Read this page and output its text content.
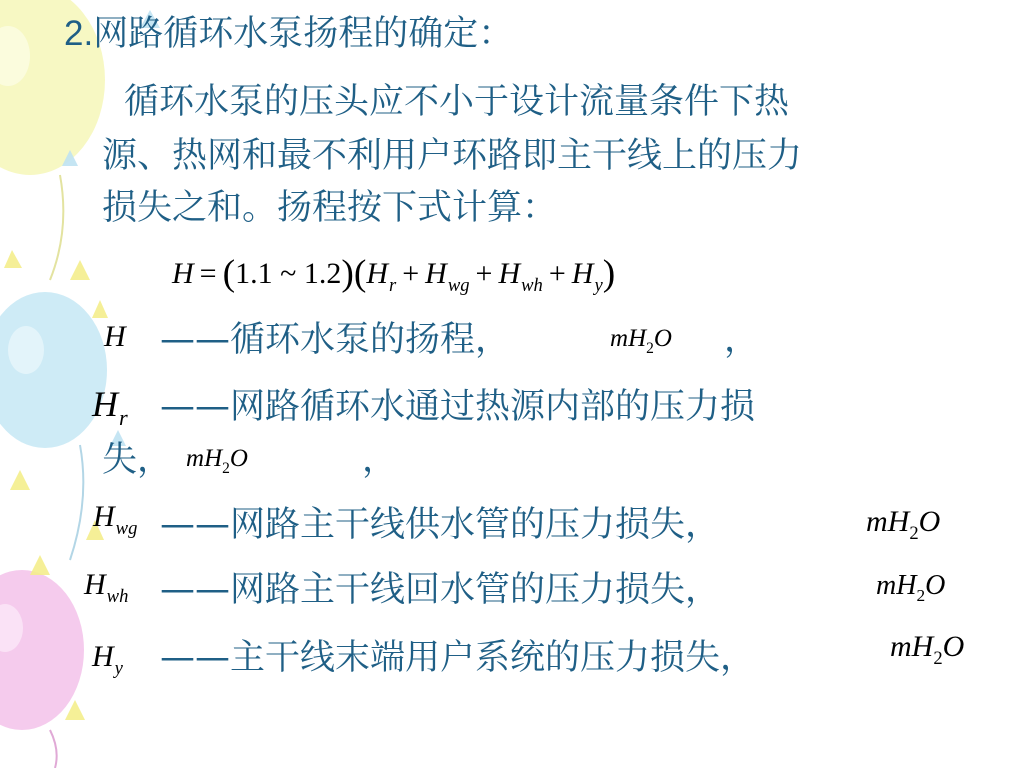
2.网路循环水泵扬程的确定：
循环水泵的压头应不小于设计流量条件下热
源、热网和最不利用户环路即主干线上的压力
损失之和。扬程按下式计算：
H = (1.1 ~ $1.2)(H_r + H_{wg} + H_{wh} + H_y)$
H ——循环水泵的扬程，	$mH_2O$ ，
$H_r$ ——网路循环水通过热源内部的压力损
失， $mH_2O$	，
$H_{wg}$ ——网路主干线供水管的压力损失，	$mH_2O$
$H_{wh}$ ——网路主干线回水管的压力损失，	$mH_2O$
$H_y$ ——主干线末端用户系统的压力损失，	$mH_2O$
